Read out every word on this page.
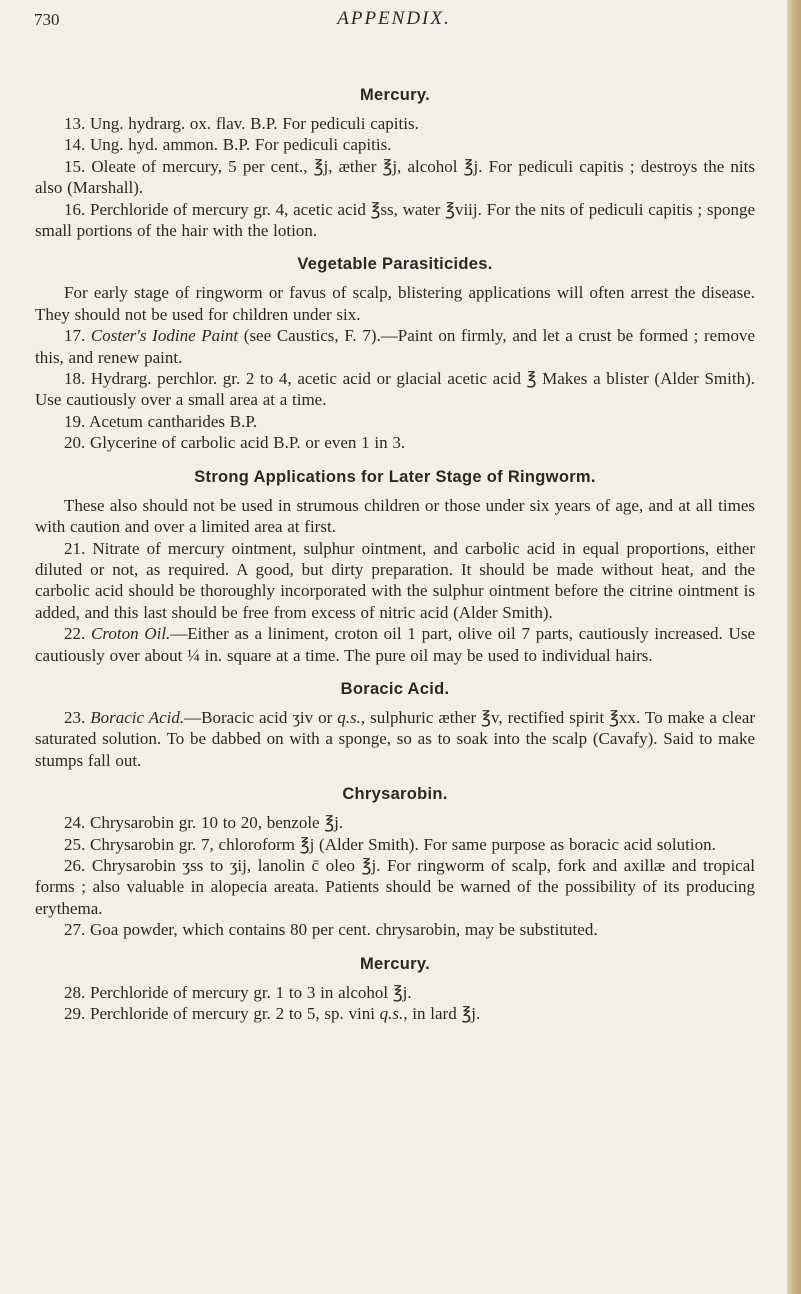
730	APPENDIX.
Mercury.

13. Ung. hydrarg. ox. flav. B.P. For pediculi capitis.

14. Ung. hyd. ammon. B.P. For pediculi capitis.

15. Oleate of mercury, 5 per cent., ℥j, æther ℥j, alcohol ℥j. For pediculi capitis ; destroys the nits also (Marshall).

16. Perchloride of mercury gr. 4, acetic acid ℥ss, water ℥viij. For the nits of pediculi capitis ; sponge small portions of the hair with the lotion.

Vegetable Parasiticides.

For early stage of ringworm or favus of scalp, blistering applications will often arrest the disease. They should not be used for children under six.

17. Coster's Iodine Paint (see Caustics, F. 7).—Paint on firmly, and let a crust be formed ; remove this, and renew paint.

18. Hydrarg. perchlor. gr. 2 to 4, acetic acid or glacial acetic acid ℥ Makes a blister (Alder Smith). Use cautiously over a small area at a time.

19. Acetum cantharides B.P.

20. Glycerine of carbolic acid B.P. or even 1 in 3.

Strong Applications for Later Stage of Ringworm.

These also should not be used in strumous children or those under six years of age, and at all times with caution and over a limited area at first.

21. Nitrate of mercury ointment, sulphur ointment, and carbolic acid in equal proportions, either diluted or not, as required. A good, but dirty preparation. It should be made without heat, and the carbolic acid should be thoroughly incorporated with the sulphur ointment before the citrine ointment is added, and this last should be free from excess of nitric acid (Alder Smith).

22. Croton Oil.—Either as a liniment, croton oil 1 part, olive oil 7 parts, cautiously increased. Use cautiously over about ¼ in. square at a time. The pure oil may be used to individual hairs.

Boracic Acid.

23. Boracic Acid.—Boracic acid ʒiv or q.s., sulphuric æther ℥v, rectified spirit ℥xx. To make a clear saturated solution. To be dabbed on with a sponge, so as to soak into the scalp (Cavafy). Said to make stumps fall out.

Chrysarobin.

24. Chrysarobin gr. 10 to 20, benzole ℥j.

25. Chrysarobin gr. 7, chloroform ℥j (Alder Smith). For same purpose as boracic acid solution.

26. Chrysarobin ʒss to ʒij, lanolin c̄ oleo ℥j. For ringworm of scalp, fork and axillæ and tropical forms ; also valuable in alopecia areata. Patients should be warned of the possibility of its producing erythema.

27. Goa powder, which contains 80 per cent. chrysarobin, may be substituted.

Mercury.

28. Perchloride of mercury gr. 1 to 3 in alcohol ℥j.

29. Perchloride of mercury gr. 2 to 5, sp. vini q.s., in lard ℥j.
